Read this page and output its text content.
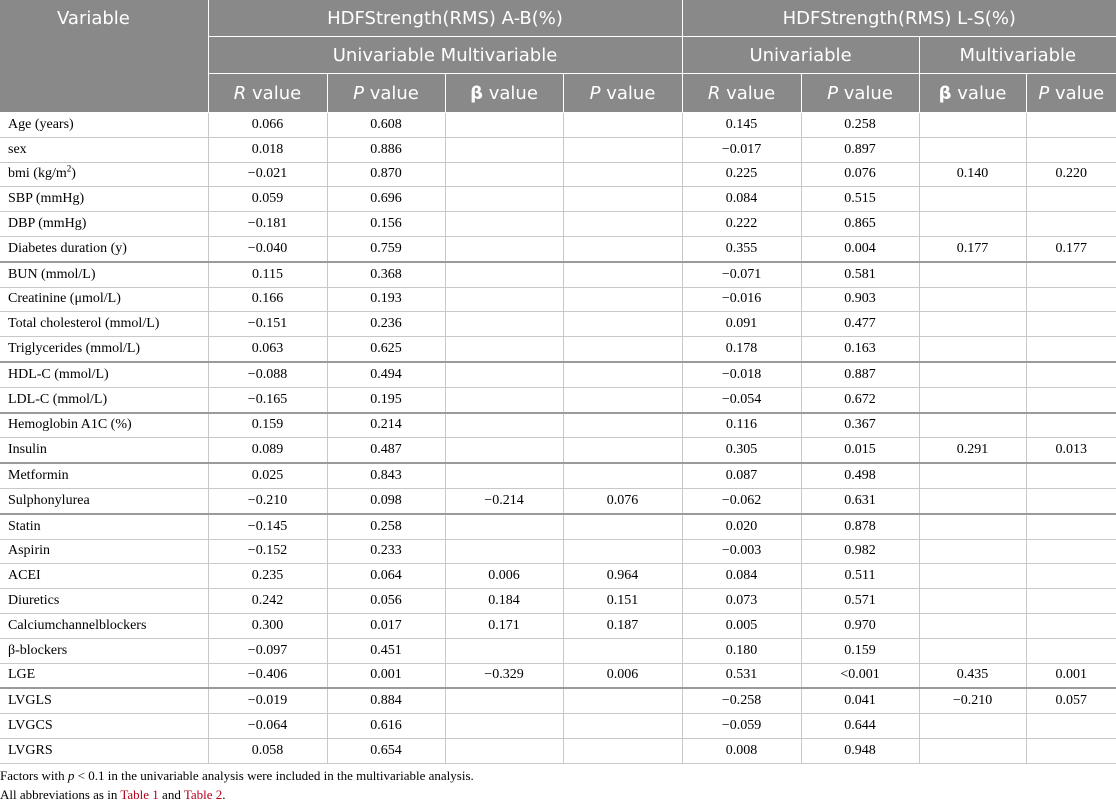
Variable	HDFStrength(RMS) A-B(%)				HDFStrength(RMS) L-S(%)			
	Univariable Multivariable				Univariable		Multivariable	
	R value	P value	β value	P value	R value	P value	β value	P value
Age (years)	0.066	0.608			0.145	0.258		
sex	0.018	0.886			−0.017	0.897		
bmi $(kg/m^2)$	−0.021	0.870			0.225	0.076	0.140	0.220
SBP (mmHg)	0.059	0.696			0.084	0.515		
DBP (mmHg)	−0.181	0.156			0.222	0.865		
Diabetes duration (y)	−0.040	0.759			0.355	0.004	0.177	0.177
BUN (mmol/L)	0.115	0.368			−0.071	0.581		
Creatinine (μmol/L)	0.166	0.193			−0.016	0.903		
Total cholesterol (mmol/L)	−0.151	0.236			0.091	0.477		
Triglycerides (mmol/L)	0.063	0.625			0.178	0.163		
HDL-C (mmol/L)	−0.088	0.494			−0.018	0.887		
LDL-C (mmol/L)	−0.165	0.195			−0.054	0.672		
Hemoglobin A1C (%)	0.159	0.214			0.116	0.367		
Insulin	0.089	0.487			0.305	0.015	0.291	0.013
Metformin	0.025	0.843			0.087	0.498		
Sulphonylurea	−0.210	0.098	−0.214	0.076	−0.062	0.631		
Statin	−0.145	0.258			0.020	0.878		
Aspirin	−0.152	0.233			−0.003	0.982		
ACEI	0.235	0.064	0.006	0.964	0.084	0.511		
Diuretics	0.242	0.056	0.184	0.151	0.073	0.571		
Calciumchannelblockers	0.300	0.017	0.171	0.187	0.005	0.970		
β-blockers	−0.097	0.451			0.180	0.159		
LGE	−0.406	0.001	−0.329	0.006	0.531	<0.001	0.435	0.001
LVGLS	−0.019	0.884			−0.258	0.041	−0.210	0.057
LVGCS	−0.064	0.616			−0.059	0.644		
LVGRS	0.058	0.654			0.008	0.948		
Factors with p < 0.1 in the univariable analysis were included in the multivariable analysis.
All abbreviations as in Table 1 and Table 2.
